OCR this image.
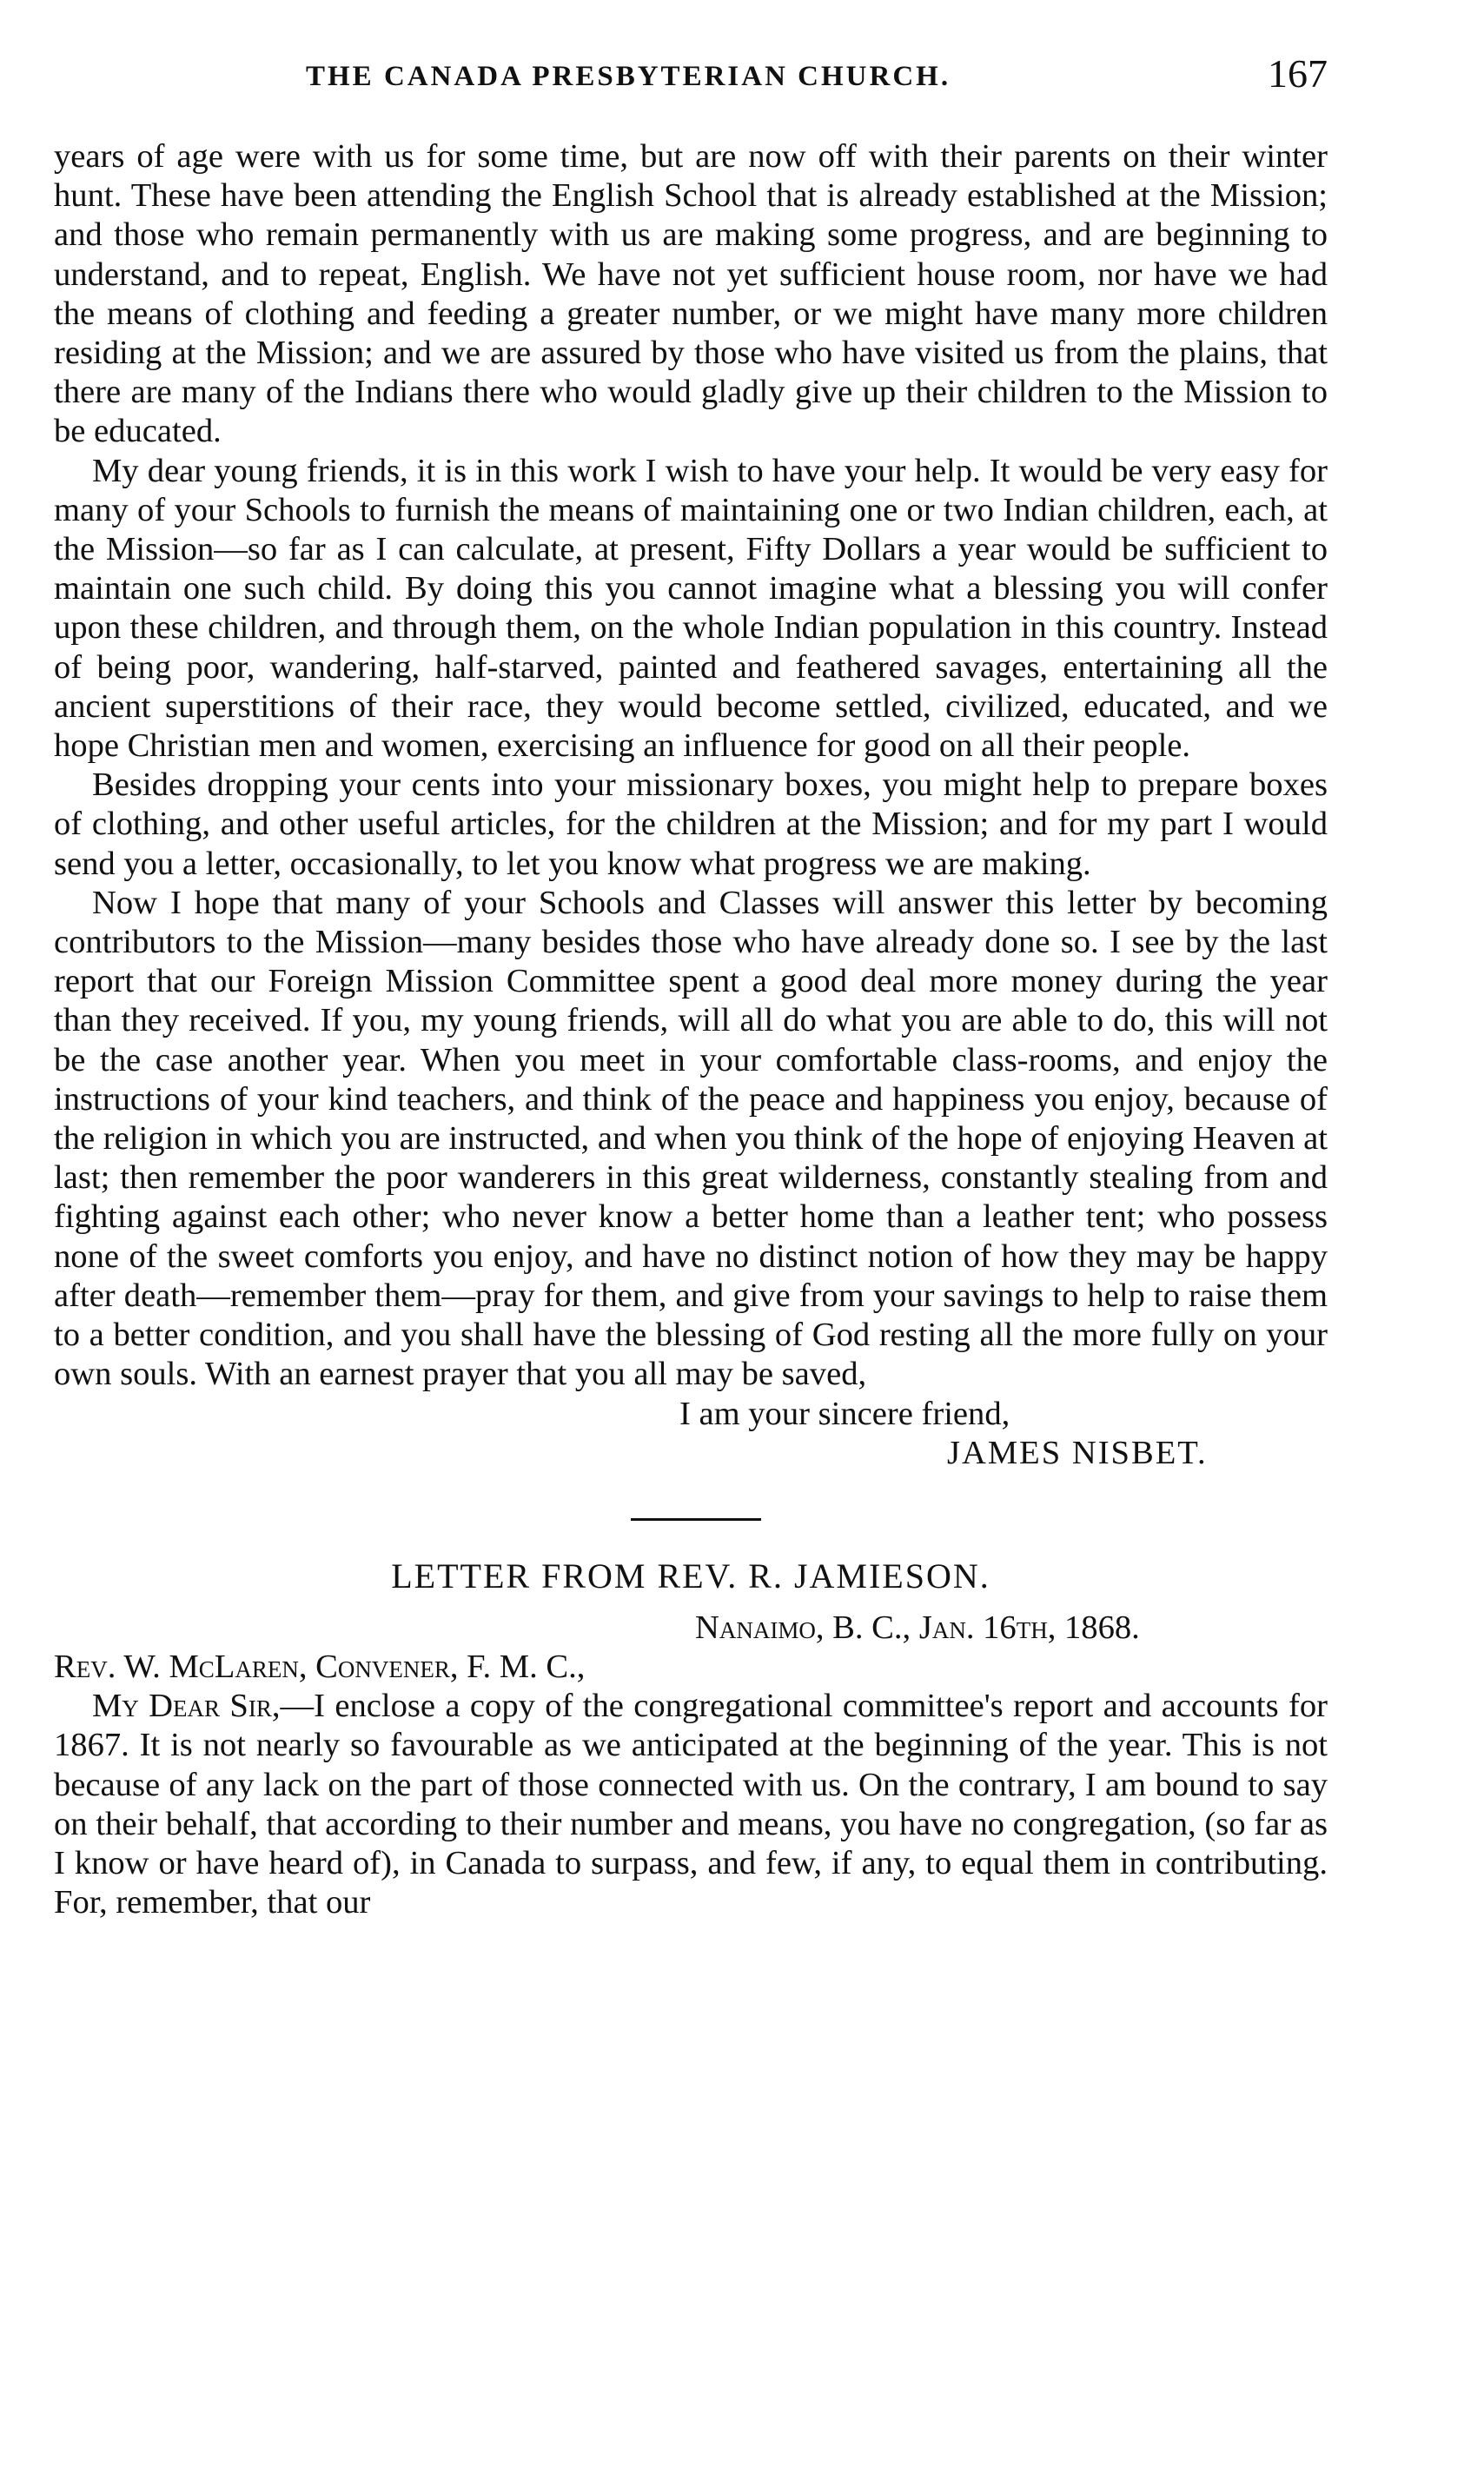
THE CANADA PRESBYTERIAN CHURCH.	167

years of age were with us for some time, but are now off with their parents on their winter hunt. These have been attending the English School that is already established at the Mission; and those who remain permanently with us are making some progress, and are beginning to understand, and to repeat, English. We have not yet sufficient house room, nor have we had the means of clothing and feeding a greater number, or we might have many more children residing at the Mission; and we are assured by those who have visited us from the plains, that there are many of the Indians there who would gladly give up their children to the Mission to be educated.

My dear young friends, it is in this work I wish to have your help. It would be very easy for many of your Schools to furnish the means of maintaining one or two Indian children, each, at the Mission—so far as I can calculate, at present, Fifty Dollars a year would be sufficient to maintain one such child. By doing this you cannot imagine what a blessing you will confer upon these children, and through them, on the whole Indian population in this country. Instead of being poor, wandering, half-starved, painted and feathered savages, entertaining all the ancient superstitions of their race, they would become settled, civilized, educated, and we hope Christian men and women, exercising an influence for good on all their people.

Besides dropping your cents into your missionary boxes, you might help to prepare boxes of clothing, and other useful articles, for the children at the Mission; and for my part I would send you a letter, occasionally, to let you know what progress we are making.

Now I hope that many of your Schools and Classes will answer this letter by becoming contributors to the Mission—many besides those who have already done so. I see by the last report that our Foreign Mission Committee spent a good deal more money during the year than they received. If you, my young friends, will all do what you are able to do, this will not be the case another year. When you meet in your comfortable class-rooms, and enjoy the instructions of your kind teachers, and think of the peace and happiness you enjoy, because of the religion in which you are instructed, and when you think of the hope of enjoying Heaven at last; then remember the poor wanderers in this great wilderness, constantly stealing from and fighting against each other; who never know a better home than a leather tent; who possess none of the sweet comforts you enjoy, and have no distinct notion of how they may be happy after death—remember them—pray for them, and give from your savings to help to raise them to a better condition, and you shall have the blessing of God resting all the more fully on your own souls. With an earnest prayer that you all may be saved,

I am your sincere friend,
JAMES NISBET.
LETTER FROM REV. R. JAMIESON.
Nanaimo, B. C., Jan. 16th, 1868.
Rev. W. McLaren, Convener, F. M. C.,

My Dear Sir,—I enclose a copy of the congregational committee's report and accounts for 1867. It is not nearly so favourable as we anticipated at the beginning of the year. This is not because of any lack on the part of those connected with us. On the contrary, I am bound to say on their behalf, that according to their number and means, you have no congregation, (so far as I know or have heard of), in Canada to surpass, and few, if any, to equal them in contributing. For, remember, that our
